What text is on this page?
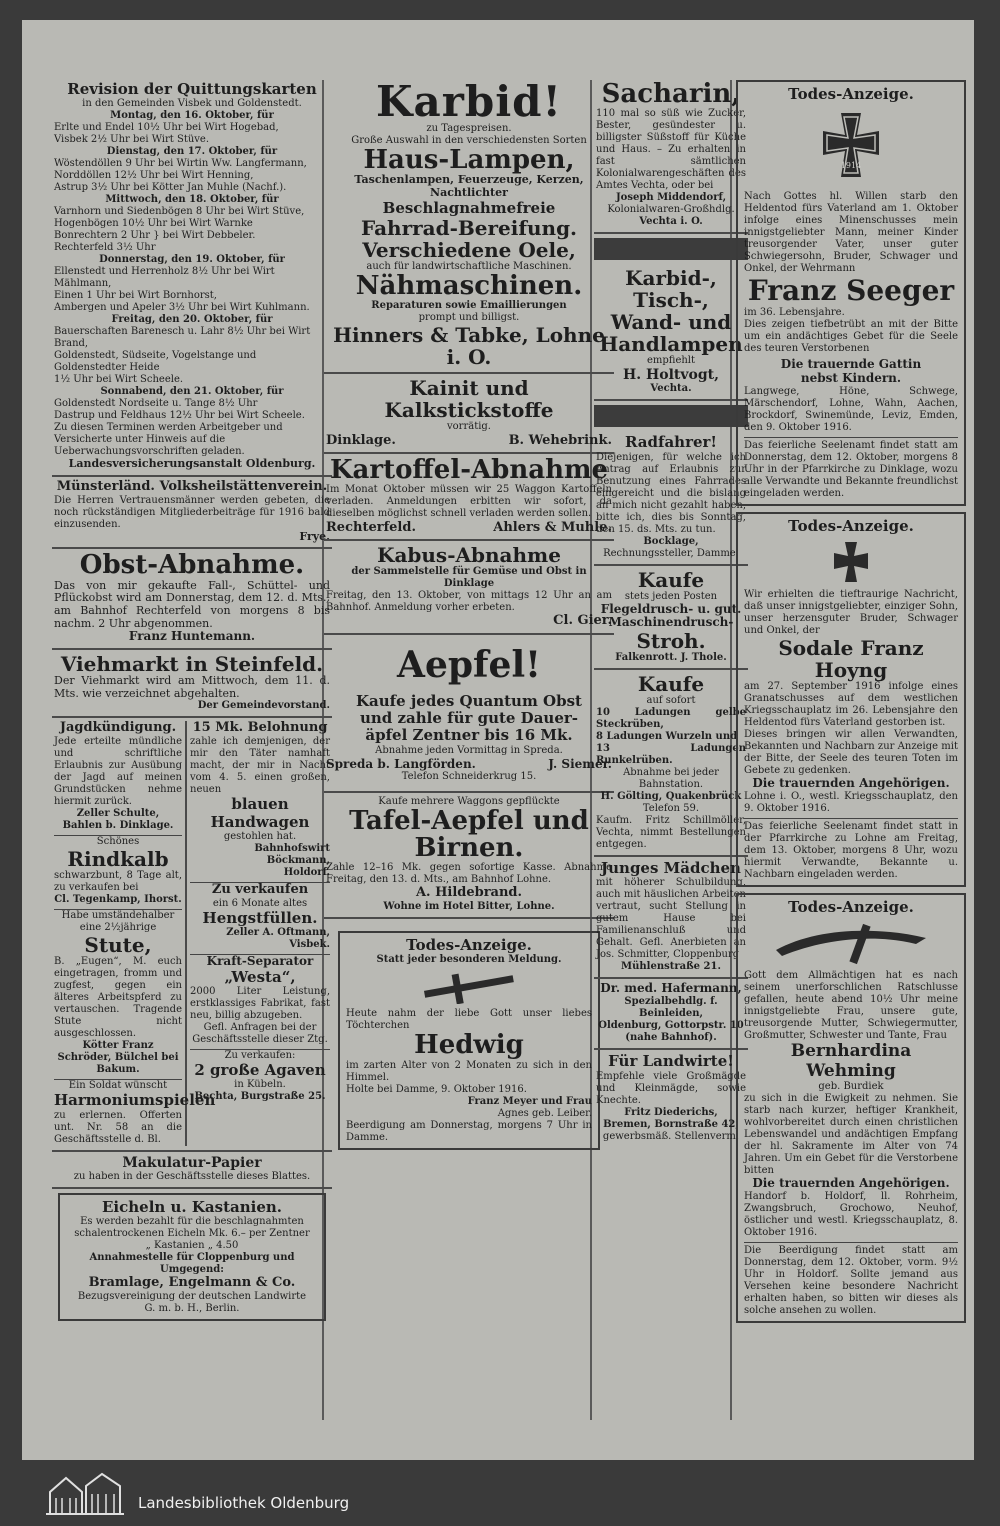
Revision der Quittungskarten

in den Gemeinden Visbek und Goldenstedt.

Montag, den 16. Oktober, für

Erlte und Endel 10½ Uhr bei Wirt Hogebad,

Visbek 2½ Uhr bei Wirt Stüve.

Dienstag, den 17. Oktober, für

Wöstendöllen 9 Uhr bei Wirtin Ww. Langfermann,

Norddöllen 12½ Uhr bei Wirt Henning,

Astrup 3½ Uhr bei Kötter Jan Muhle (Nachf.).

Mittwoch, den 18. Oktober, für

Varnhorn und Siedenbögen 8 Uhr bei Wirt Stüve,

Hogenbögen 10½ Uhr bei Wirt Warnke

Bonrechtern 2 Uhr } bei Wirt Debbeler.

Rechterfeld 3½ Uhr

Donnerstag, den 19. Oktober, für

Ellenstedt und Herrenholz 8½ Uhr bei Wirt Mählmann,

Einen 1 Uhr bei Wirt Bornhorst,

Ambergen und Apeler 3½ Uhr bei Wirt Kuhlmann.

Freitag, den 20. Oktober, für

Bauerschaften Barenesch u. Lahr 8½ Uhr bei Wirt Brand,

Goldenstedt, Südseite, Vogelstange und Goldenstedter Heide

1½ Uhr bei Wirt Scheele.

Sonnabend, den 21. Oktober, für

Goldenstedt Nordseite u. Tange 8½ Uhr

Dastrup und Feldhaus 12½ Uhr bei Wirt Scheele.

Zu diesen Terminen werden Arbeitgeber und Versicherte unter Hinweis auf die Ueberwachungsvorschriften geladen.

Landesversicherungsanstalt Oldenburg.

Münsterländ. Volksheilstättenverein.

Die Herren Vertrauensmänner werden gebeten, die noch rückständigen Mitgliederbeiträge für 1916 bald einzusenden.

Frye.

Obst-Abnahme.

Das von mir gekaufte Fall-, Schüttel- und Pflückobst wird am Donnerstag, dem 12. d. Mts., am Bahnhof Rechterfeld von morgens 8 bis nachm. 2 Uhr abgenommen.

Franz Huntemann.

Viehmarkt in Steinfeld.

Der Viehmarkt wird am Mittwoch, dem 11. d. Mts. wie verzeichnet abgehalten.

Der Gemeindevorstand.

Jagdkündigung.

Jede erteilte mündliche und schriftliche Erlaubnis zur Ausübung der Jagd auf meinen Grundstücken nehme hiermit zurück.

Zeller Schulte,

Bahlen b. Dinklage.

Schönes

Rindkalb

schwarzbunt, 8 Tage alt, zu verkaufen bei

Cl. Tegenkamp, Ihorst.

Habe umständehalber eine 2½jährige

Stute,

B. „Eugen“, M. euch eingetragen, fromm und zugfest, gegen ein älteres Arbeitspferd zu vertauschen. Tragende Stute nicht ausgeschlossen.

Kötter Franz Schröder, Bülchel bei Bakum.

Ein Soldat wünscht

Harmoniumspielen

zu erlernen. Offerten unt. Nr. 58 an die Geschäftsstelle d. Bl.

15 Mk. Belohnung

zahle ich demjenigen, der mir den Täter namhaft macht, der mir in Nacht vom 4. 5. einen großen, neuen

blauen Handwagen

gestohlen hat.

Bahnhofswirt Böckmann,

Holdorf.

Zu verkaufen

ein 6 Monate altes

Hengstfüllen.

Zeller A. Oftmann,

Visbek.

Kraft-Separator

„Westa“,

2000 Liter Leistung, erstklassiges Fabrikat, fast neu, billig abzugeben.

Gefl. Anfragen bei der Geschäftsstelle dieser Ztg.

Zu verkaufen:

2 große Agaven

in Kübeln.

Bechta, Burgstraße 25.

Makulatur-Papier

zu haben in der Geschäftsstelle dieses Blattes.

Eicheln u. Kastanien.

Es werden bezahlt für die beschlagnahmten

schalentrockenen Eicheln Mk. 6.– per Zentner

„ Kastanien „ 4.50

Annahmestelle für Cloppenburg und Umgegend:

Bramlage, Engelmann & Co.

Bezugsvereinigung der deutschen Landwirte

G. m. b. H., Berlin.

Karbid!

zu Tagespreisen.

Große Auswahl in den verschiedensten Sorten

Haus-Lampen,

Taschenlampen, Feuerzeuge, Kerzen, Nachtlichter

Beschlagnahmefreie

Fahrrad-Bereifung.

Verschiedene Oele,

auch für landwirtschaftliche Maschinen.

Nähmaschinen.

Reparaturen sowie Emaillierungen

prompt und billigst.

Hinners & Tabke, Lohne i. O.

Kainit und Kalkstickstoffe

vorrätig.

Dinklage.	B. Wehebrink.

Kartoffel-Abnahme

Im Monat Oktober müssen wir 25 Waggon Kartoffeln verladen. Anmeldungen erbitten wir sofort, da dieselben möglichst schnell verladen werden sollen.

Rechterfeld.	Ahlers & Muhle.

Kabus-Abnahme

der Sammelstelle für Gemüse und Obst in Dinklage

Freitag, den 13. Oktober, von mittags 12 Uhr an am Bahnhof. Anmeldung vorher erbeten.

Cl. Gier.

Aepfel!

Kaufe jedes Quantum Obst

und zahle für gute Dauer-

äpfel Zentner bis 16 Mk.

Abnahme jeden Vormittag in Spreda.

Spreda b. Langförden.	J. Siemer.

Telefon Schneiderkrug 15.

Kaufe mehrere Waggons gepflückte

Tafel-Aepfel und Birnen.

Zahle 12–16 Mk. gegen sofortige Kasse. Abnahme Freitag, den 13. d. Mts., am Bahnhof Lohne.

A. Hildebrand.

Wohne im Hotel Bitter, Lohne.

Todes-Anzeige.

Statt jeder besonderen Meldung.

Heute nahm der liebe Gott unser liebes Töchterchen

Hedwig

im zarten Alter von 2 Monaten zu sich in den Himmel.

Holte bei Damme, 9. Oktober 1916.

Franz Meyer und Frau

Agnes geb. Leiber.

Beerdigung am Donnerstag, morgens 7 Uhr in Damme.

Sacharin,

110 mal so süß wie Zucker, Bester, gesündester u. billigster Süßstoff für Küche und Haus. – Zu erhalten in fast sämtlichen Kolonialwarengeschäften des Amtes Vechta, oder bei

Joseph Middendorf,

Kolonialwaren-Großhdlg.

Vechta i. O.

Karbid-,

Tisch-,

Wand- und

Handlampen

empfiehlt

H. Holtvogt,

Vechta.

Radfahrer!

Diejenigen, für welche ich Antrag auf Erlaubnis zur Benutzung eines Fahrrades eingereicht und die bislang an mich nicht gezahlt haben, bitte ich, dies bis Sonntag, den 15. ds. Mts. zu tun.

Bocklage,

Rechnungssteller, Damme.

Kaufe

stets jeden Posten

Flegeldrusch- u. gut.

Maschinendrusch-

Stroh.

Falkenrott. J. Thole.

Kaufe

auf sofort

10 Ladungen gelbe Steckrüben,

8 Ladungen Wurzeln und

13 Ladungen Runkelrüben.

Abnahme bei jeder Bahnstation.

H. Gölting, Quakenbrück

Telefon 59.

Kaufm. Fritz Schillmöller, Vechta, nimmt Bestellungen entgegen.

Junges Mädchen

mit höherer Schulbildung, auch mit häuslichen Arbeiten vertraut, sucht Stellung in gutem Hause bei Familienanschluß und Gehalt. Gefl. Anerbieten an Jos. Schmitter, Cloppenburg

Mühlenstraße 21.

Dr. med. Hafermann,

Spezialbehdlg. f. Beinleiden,

Oldenburg, Gottorpstr. 10

(nahe Bahnhof).

Für Landwirte!

Empfehle viele Großmägde und Kleinmägde, sowie Knechte.

Fritz Diederichs,

Bremen, Bornstraße 42,

gewerbsmäß. Stellenverm.

Todes-Anzeige.

1914

Nach Gottes hl. Willen starb den Heldentod fürs Vaterland am 1. Oktober infolge eines Minenschusses mein innigstgeliebter Mann, meiner Kinder treusorgender Vater, unser guter Schwiegersohn, Bruder, Schwager und Onkel, der Wehrmann

Franz Seeger

im 36. Lebensjahre.

Dies zeigen tiefbetrübt an mit der Bitte um ein andächtiges Gebet für die Seele des teuren Verstorbenen

Die trauernde Gattin

nebst Kindern.

Langwege, Höne, Schwege, Märschendorf, Lohne, Wahn, Aachen, Brockdorf, Swinemünde, Leviz, Emden, den 9. Oktober 1916.

Das feierliche Seelenamt findet statt am Donnerstag, dem 12. Oktober, morgens 8 Uhr in der Pfarrkirche zu Dinklage, wozu alle Verwandte und Bekannte freundlichst eingeladen werden.

Todes-Anzeige.

Wir erhielten die tieftraurige Nachricht, daß unser innigstgeliebter, einziger Sohn, unser herzensguter Bruder, Schwager und Onkel, der

Sodale Franz Hoyng

am 27. September 1916 infolge eines Granatschusses auf dem westlichen Kriegsschauplatz im 26. Lebensjahre den Heldentod fürs Vaterland gestorben ist.

Dieses bringen wir allen Verwandten, Bekannten und Nachbarn zur Anzeige mit der Bitte, der Seele des teuren Toten im Gebete zu gedenken.

Die trauernden Angehörigen.

Lohne i. O., westl. Kriegsschauplatz, den 9. Oktober 1916.

Das feierliche Seelenamt findet statt in der Pfarrkirche zu Lohne am Freitag, dem 13. Oktober, morgens 8 Uhr, wozu hiermit Verwandte, Bekannte u. Nachbarn eingeladen werden.

Todes-Anzeige.

Gott dem Allmächtigen hat es nach seinem unerforschlichen Ratschlusse gefallen, heute abend 10½ Uhr meine innigstgeliebte Frau, unsere gute, treusorgende Mutter, Schwiegermutter, Großmutter, Schwester und Tante, Frau

Bernhardina Wehming

geb. Burdiek

zu sich in die Ewigkeit zu nehmen. Sie starb nach kurzer, heftiger Krankheit, wohlvorbereitet durch einen christlichen Lebenswandel und andächtigen Empfang der hl. Sakramente im Alter von 74 Jahren. Um ein Gebet für die Verstorbene bitten

Die trauernden Angehörigen.

Handorf b. Holdorf, ll. Rohrheim, Zwangsbruch, Grochowo, Neuhof, östlicher und westl. Kriegsschauplatz, 8. Oktober 1916.

Die Beerdigung findet statt am Donnerstag, dem 12. Oktober, vorm. 9½ Uhr in Holdorf. Sollte jemand aus Versehen keine besondere Nachricht erhalten haben, so bitten wir dieses als solche ansehen zu wollen.

Landesbibliothek Oldenburg
